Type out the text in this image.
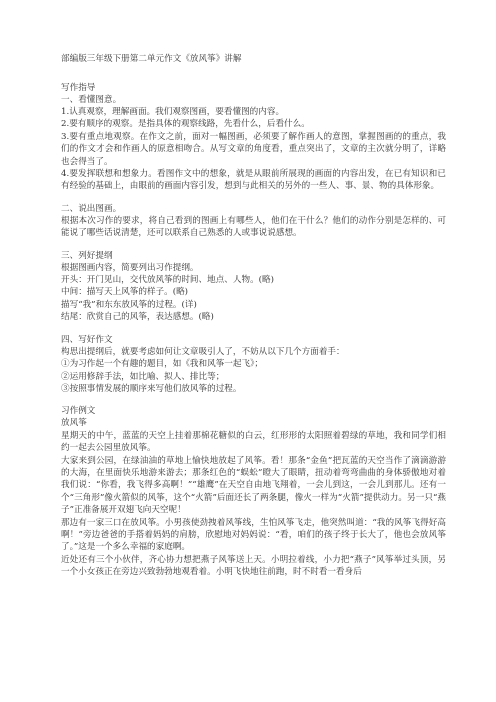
部编版三年级下册第二单元作文《放风筝》讲解
写作指导
一、看懂图意。
1.认真观察，理解画面。我们观察图画，要看懂图的内容。
2.要有顺序的观察。是指具体的观察线路，先看什么，后看什么。
3.要有重点地观察。在作文之前，面对一幅图画，必须要了解作画人的意图，掌握图画的的重点，我们的作文才会和作画人的原意相吻合。从写文章的角度看，重点突出了，文章的主次就分明了，详略也会得当了。
4.要发挥联想和想象力。看图作文中的想象，就是从眼前所展现的画面的内容出发，在已有知识和已有经验的基础上，由眼前的画面内容引发，想到与此相关的另外的一些人、事、景、物的具体形象。
二、说出图画。
根据本次习作的要求，将自己看到的图画上有哪些人，他们在干什么？他们的动作分别是怎样的、可能说了哪些话说清楚，还可以联系自己熟悉的人或事说说感想。
三、列好提纲
根据图画内容，简要列出习作提纲。
开头：开门见山，交代放风筝的时间、地点、人物。(略)
中间：描写天上风筝的样子。(略)
描写“我”和东东放风筝的过程。(详)
结尾：欣赏自己的风筝，表达感想。(略)
四、写好作文
构思出提纲后，就要考虑如何让文章吸引人了，不妨从以下几个方面着手：
①为习作起一个有趣的题目，如《我和风筝一起飞》；
②运用修辞手法，如比喻、拟人、排比等；
③按照事情发展的顺序来写他们放风筝的过程。
习作例文
放风筝
星期天的中午，蓝蓝的天空上挂着那棉花糖似的白云，红形形的太阳照着碧绿的草地，我和同学们相约一起去公园里放风筝。
大家来到公园，在绿油油的草地上愉快地放起了风筝。看！那条“金鱼”把瓦蓝的天空当作了滴滴游游的大海，在里面快乐地游来游去；那条红色的“蜈蚣”瞪大了眼睛，扭动着弯弯曲曲的身体骄傲地对着我们说：“你看，我飞得多高啊！”“雄鹰”在天空自由地飞翔着，一会儿到这，一会儿到那儿。还有一个“三角形”像火箭似的风筝，这个“火箭”后面还长了两条腿，像火一样为“火箭”提供动力。另一只“燕子”正准备展开双翅飞向天空呢！
那边有一家三口在放风筝。小男孩使劲拽着风筝线，生怕风筝飞走，他突然叫道：“我的风筝飞得好高啊！”旁边爸爸的手搭着妈妈的肩膀，欣慰地对妈妈说：“看，咱们的孩子终于长大了，他也会放风筝了。”这是一个多么幸福的家庭啊。
近处还有三个小伙伴，齐心协力想把燕子风筝送上天。小明拉着线，小力把“燕子”风筝举过头顶，另一个小女孩正在旁边兴致勃勃地观看着。小明飞快地往前跑，时不时看一看身后
